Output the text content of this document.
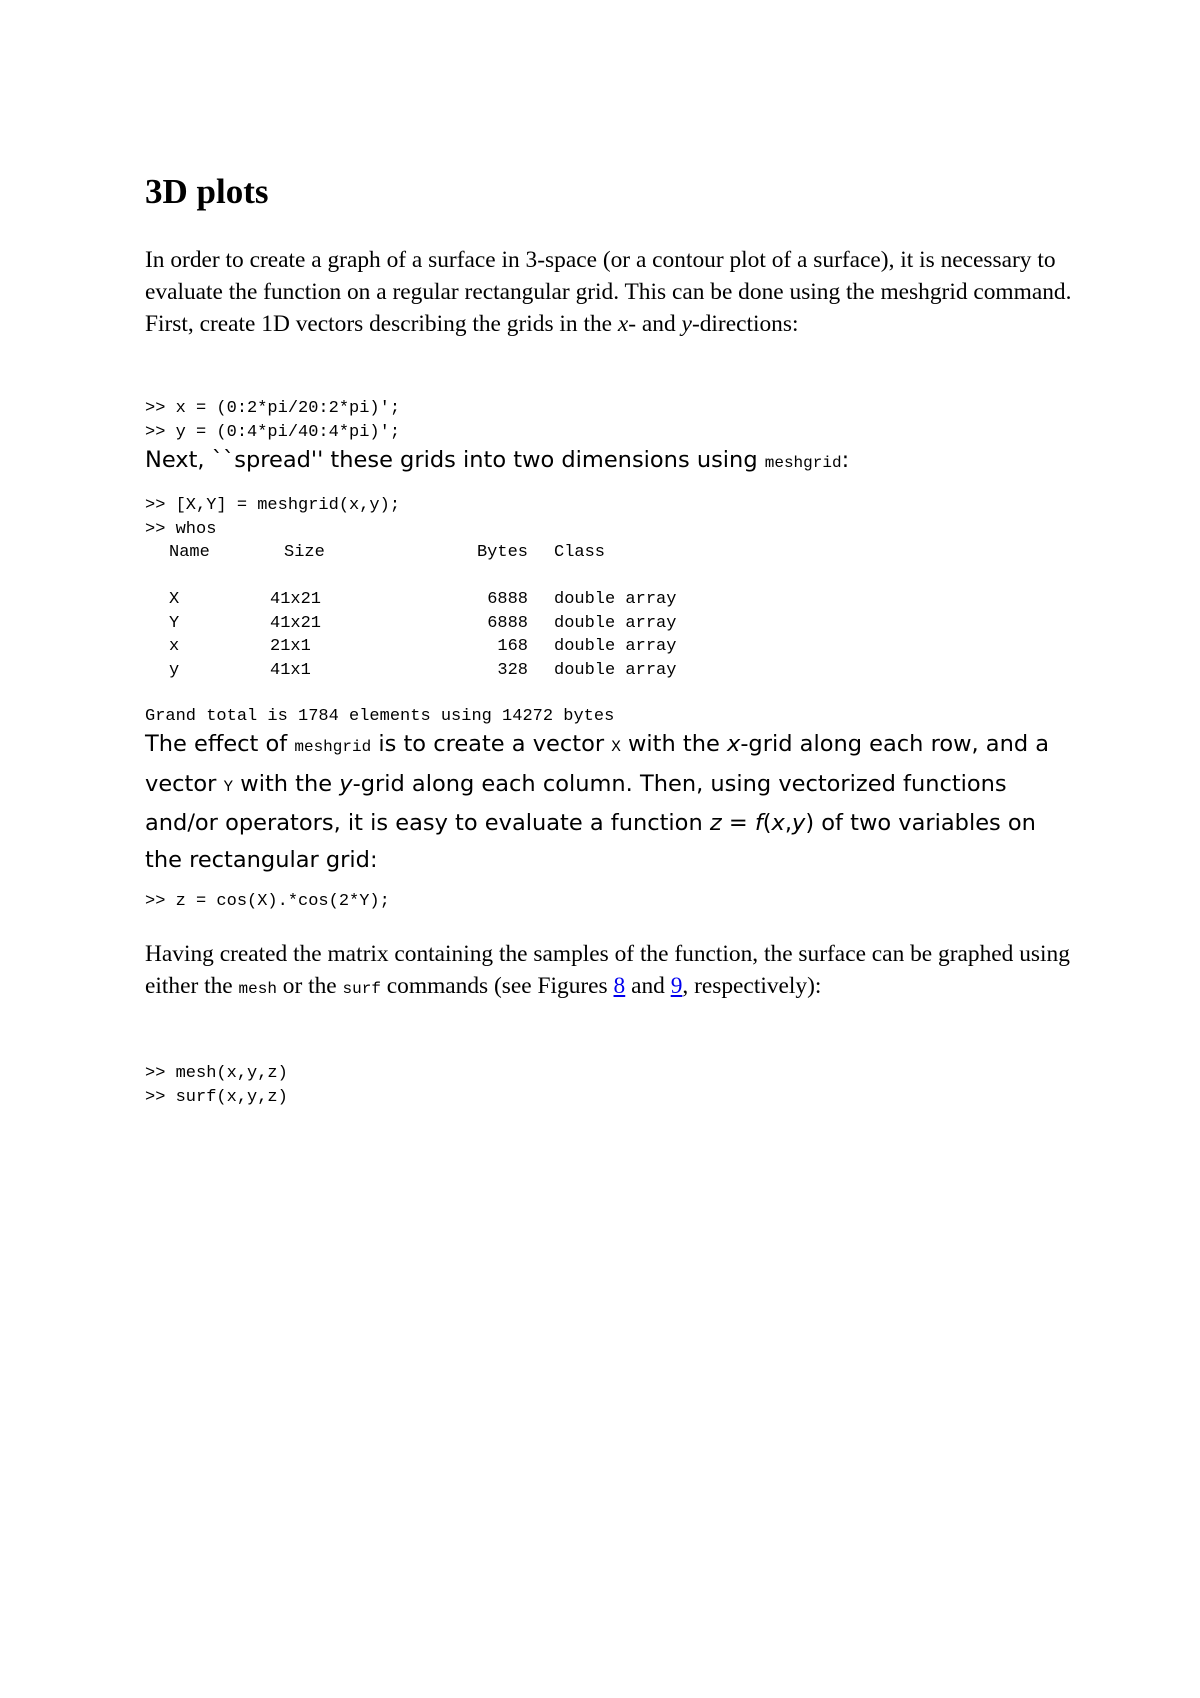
3D plots

In order to create a graph of a surface in 3-space (or a contour plot of a surface), it is necessary to evaluate the function on a regular rectangular grid. This can be done using the meshgrid command. First, create 1D vectors describing the grids in the x- and y-directions:

>> x = (0:2*pi/20:2*pi)';
>> y = (0:4*pi/40:4*pi)';

Next, ``spread'' these grids into two dimensions using meshgrid:

>> [X,Y] = meshgrid(x,y);
>> whos
Name	Size	Bytes	Class

X	41x21	6888	double array
Y	41x21	6888	double array
x	21x1	168	double array
y	41x1	328	double array
Grand total is 1784 elements using 14272 bytes

The effect of meshgrid is to create a vector X with the x-grid along each row, and a vector Y with the y-grid along each column. Then, using vectorized functions and/or operators, it is easy to evaluate a function z = f(x,y) of two variables on the rectangular grid:

>> z = cos(X).*cos(2*Y);

Having created the matrix containing the samples of the function, the surface can be graphed using either the mesh or the surf commands (see Figures 8 and 9, respectively):

>> mesh(x,y,z)
>> surf(x,y,z)
